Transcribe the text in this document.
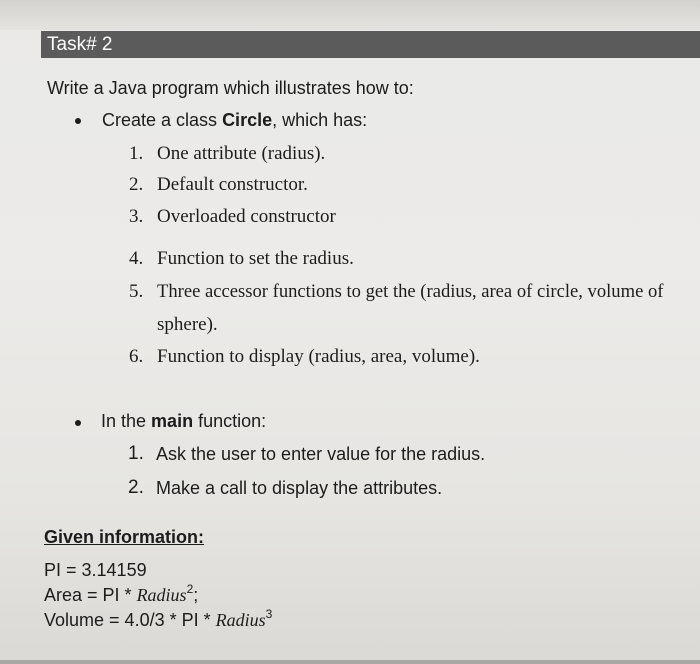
Task# 2
Write a Java program which illustrates how to:
Create a class Circle, which has:
1. One attribute (radius).
2. Default constructor.
3. Overloaded constructor
4. Function to set the radius.
5. Three accessor functions to get the (radius, area of circle, volume of
sphere).
6. Function to display (radius, area, volume).
In the main function:
1. Ask the user to enter value for the radius.
2. Make a call to display the attributes.
Given information:
PI = 3.14159
Area = PI * Radius$^2$;
Volume = 4.0/3 * PI * Radius$^3$
